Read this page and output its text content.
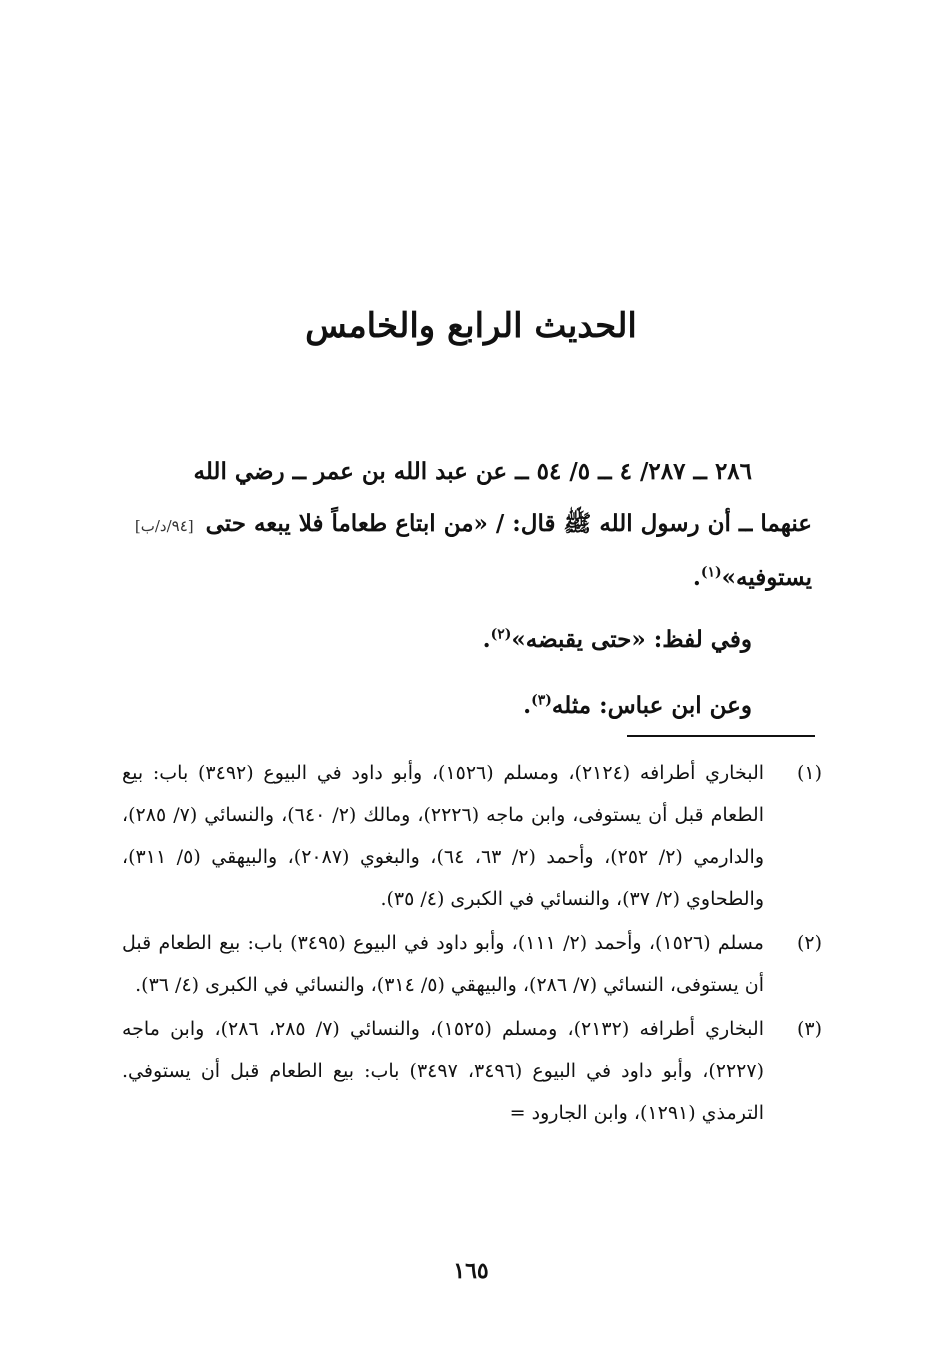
الحديث الرابع والخامس
٢٨٦ ــ ٢٨٧/ ٤ ــ ٥/ ٥٤ ــ عن عبد الله بن عمر ــ رضي الله
عنهما ــ أن رسول الله ﷺ قال: / «من ابتاع طعاماً فلا يبعه حتى [٩٤/د/ب]
يستوفيه»$^{(١)}$.

وفي لفظ: «حتى يقبضه»$^{(٢)}$.

وعن ابن عباس: مثله$^{(٣)}$.

(١)
البخاري أطرافه (٢١٢٤)، ومسلم (١٥٢٦)، وأبو داود في البيوع (٣٤٩٢) باب: بيع الطعام قبل أن يستوفى، وابن ماجه (٢٢٢٦)، ومالك (٢/ ٦٤٠)، والنسائي (٧/ ٢٨٥)، والدارمي (٢/ ٢٥٢)، وأحمد (٢/ ٦٣، ٦٤)، والبغوي (٢٠٨٧)، والبيهقي (٥/ ٣١١)، والطحاوي (٢/ ٣٧)، والنسائي في الكبرى (٤/ ٣٥).
(٢)
مسلم (١٥٢٦)، وأحمد (٢/ ١١١)، وأبو داود في البيوع (٣٤٩٥) باب: بيع الطعام قبل أن يستوفى، النسائي (٧/ ٢٨٦)، والبيهقي (٥/ ٣١٤)، والنسائي في الكبرى (٤/ ٣٦).
(٣)
البخاري أطرافه (٢١٣٢)، ومسلم (١٥٢٥)، والنسائي (٧/ ٢٨٥، ٢٨٦)، وابن ماجه (٢٢٢٧)، وأبو داود في البيوع (٣٤٩٦، ٣٤٩٧) باب: بيع الطعام قبل أن يستوفي. الترمذي (١٢٩١)، وابن الجارود =
١٦٥
